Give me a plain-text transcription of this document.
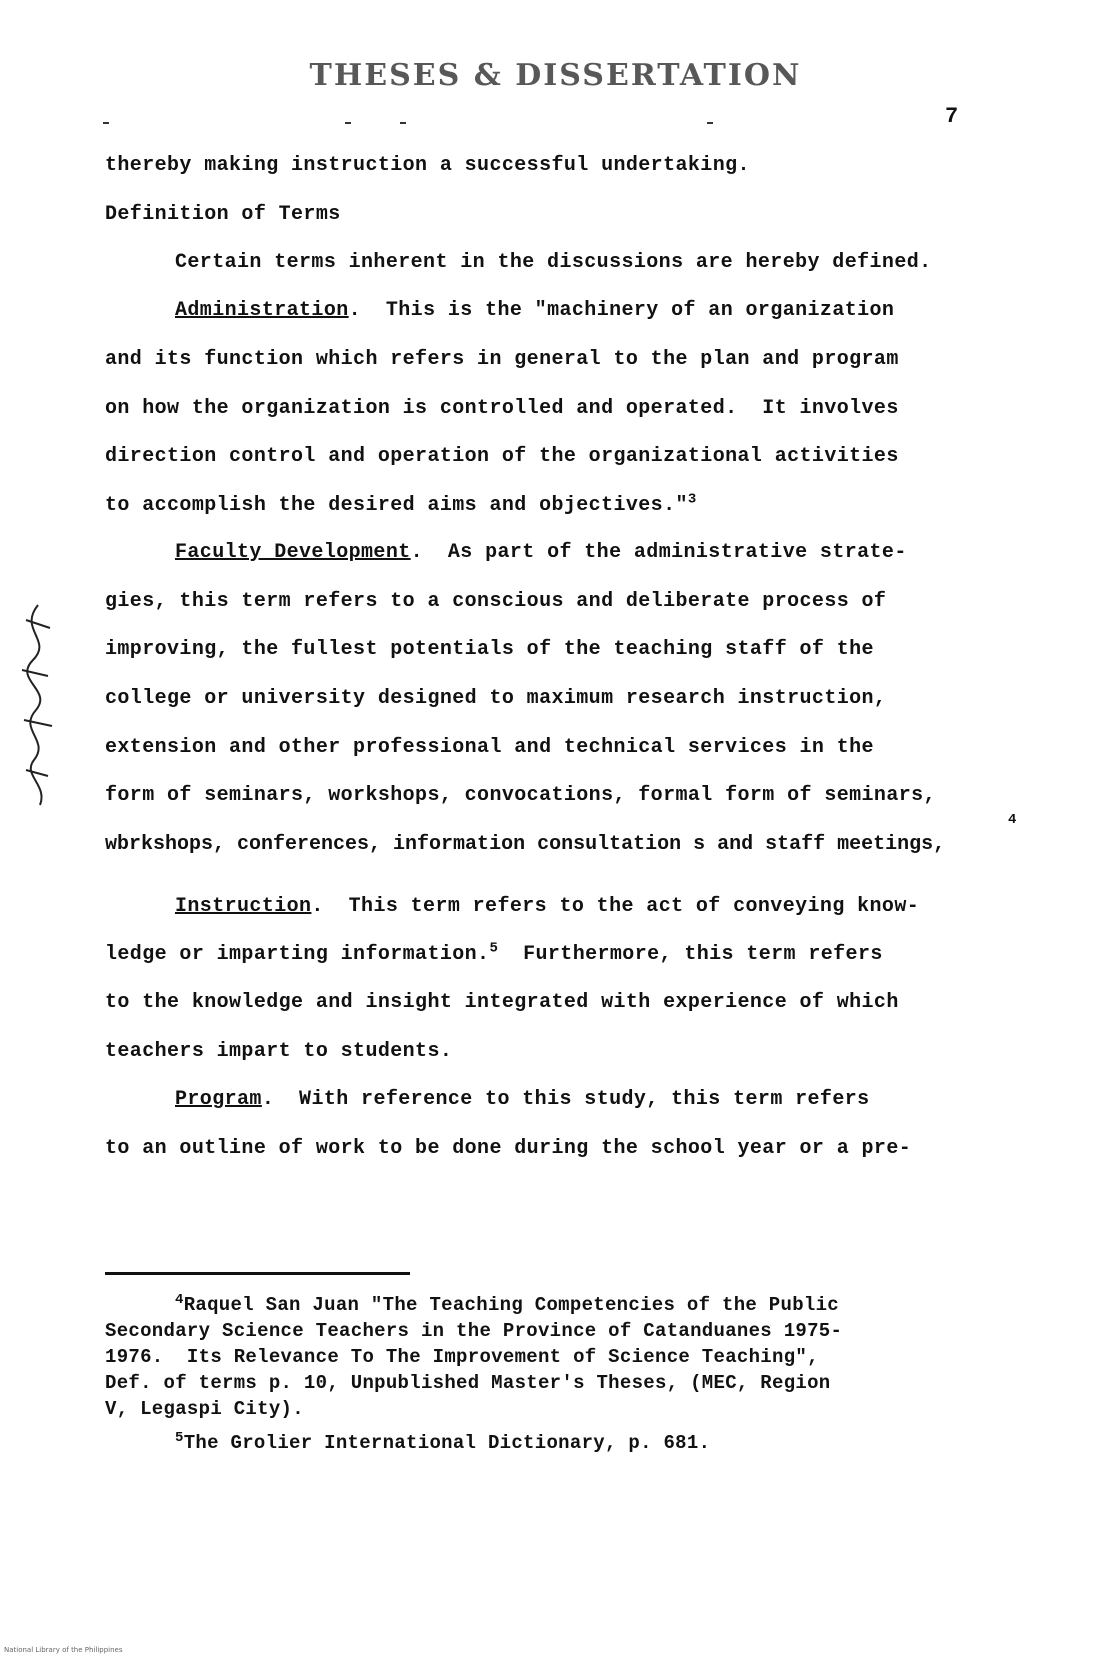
THESES & DISSERTATION
7
thereby making instruction a successful undertaking.
Definition of Terms
Certain terms inherent in the discussions are hereby defined.
Administration.  This is the "machinery of an organization
and its function which refers in general to the plan and program
on how the organization is controlled and operated.  It involves
direction control and operation of the organizational activities
to accomplish the desired aims and objectives."$^3$
Faculty Development.  As part of the administrative strate-
gies, this term refers to a conscious and deliberate process of
improving, the fullest potentials of the teaching staff of the
college or university designed to maximum research instruction,
extension and other professional and technical services in the
form of seminars, workshops, convocations, formal form of seminars,
4
wbrkshops, conferences, information consultation s and staff meetings,
Instruction.  This term refers to the act of conveying know-
ledge or imparting information.$^5$ Furthermore, this term refers
to the knowledge and insight integrated with experience of which
teachers impart to students.
Program.  With reference to this study, this term refers
to an outline of work to be done during the school year or a pre-
$^4$Raquel San Juan "The Teaching Competencies of the Public
Secondary Science Teachers in the Province of Catanduanes 1975-
1976.  Its Relevance To The Improvement of Science Teaching",
Def. of terms p. 10, Unpublished Master's Theses, (MEC, Region
V, Legaspi City).
$^5$The Grolier International Dictionary, p. 681.
National Library of the Philippines
